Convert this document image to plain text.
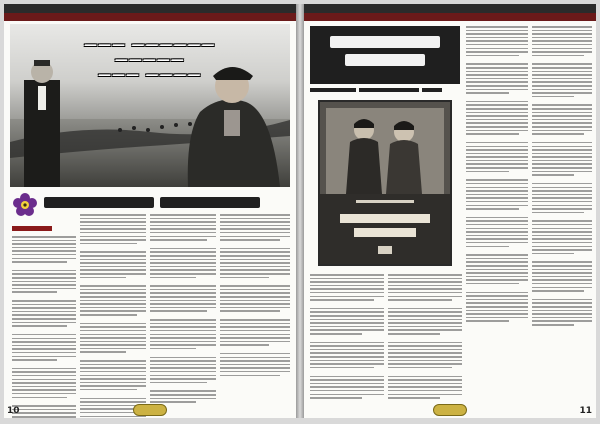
——— ——————
—————
——— ————
10	11
